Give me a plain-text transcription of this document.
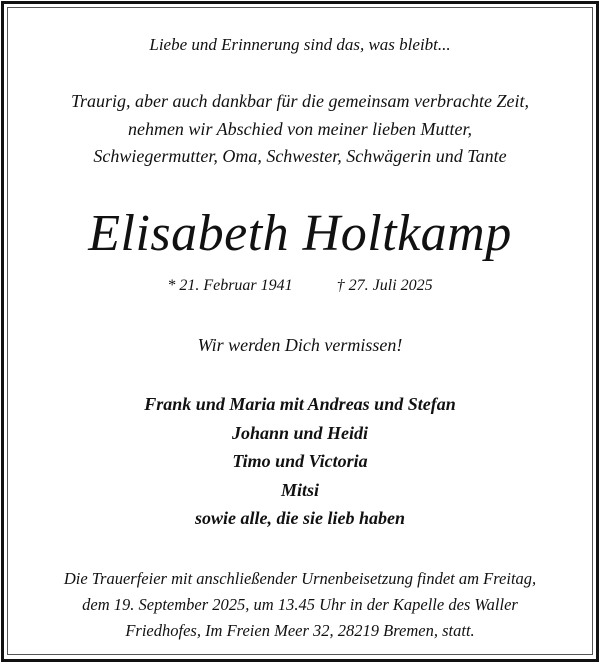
Liebe und Erinnerung sind das, was bleibt...
Traurig, aber auch dankbar für die gemeinsam verbrachte Zeit,
nehmen wir Abschied von meiner lieben Mutter,
Schwiegermutter, Oma, Schwester, Schwägerin und Tante
Elisabeth Holtkamp
* 21. Februar 1941	† 27. Juli 2025
Wir werden Dich vermissen!
Frank und Maria mit Andreas und Stefan
Johann und Heidi
Timo und Victoria
Mitsi
sowie alle, die sie lieb haben
Die Trauerfeier mit anschließender Urnenbeisetzung findet am Freitag,
dem 19. September 2025, um 13.45 Uhr in der Kapelle des Waller
Friedhofes, Im Freien Meer 32, 28219 Bremen, statt.
